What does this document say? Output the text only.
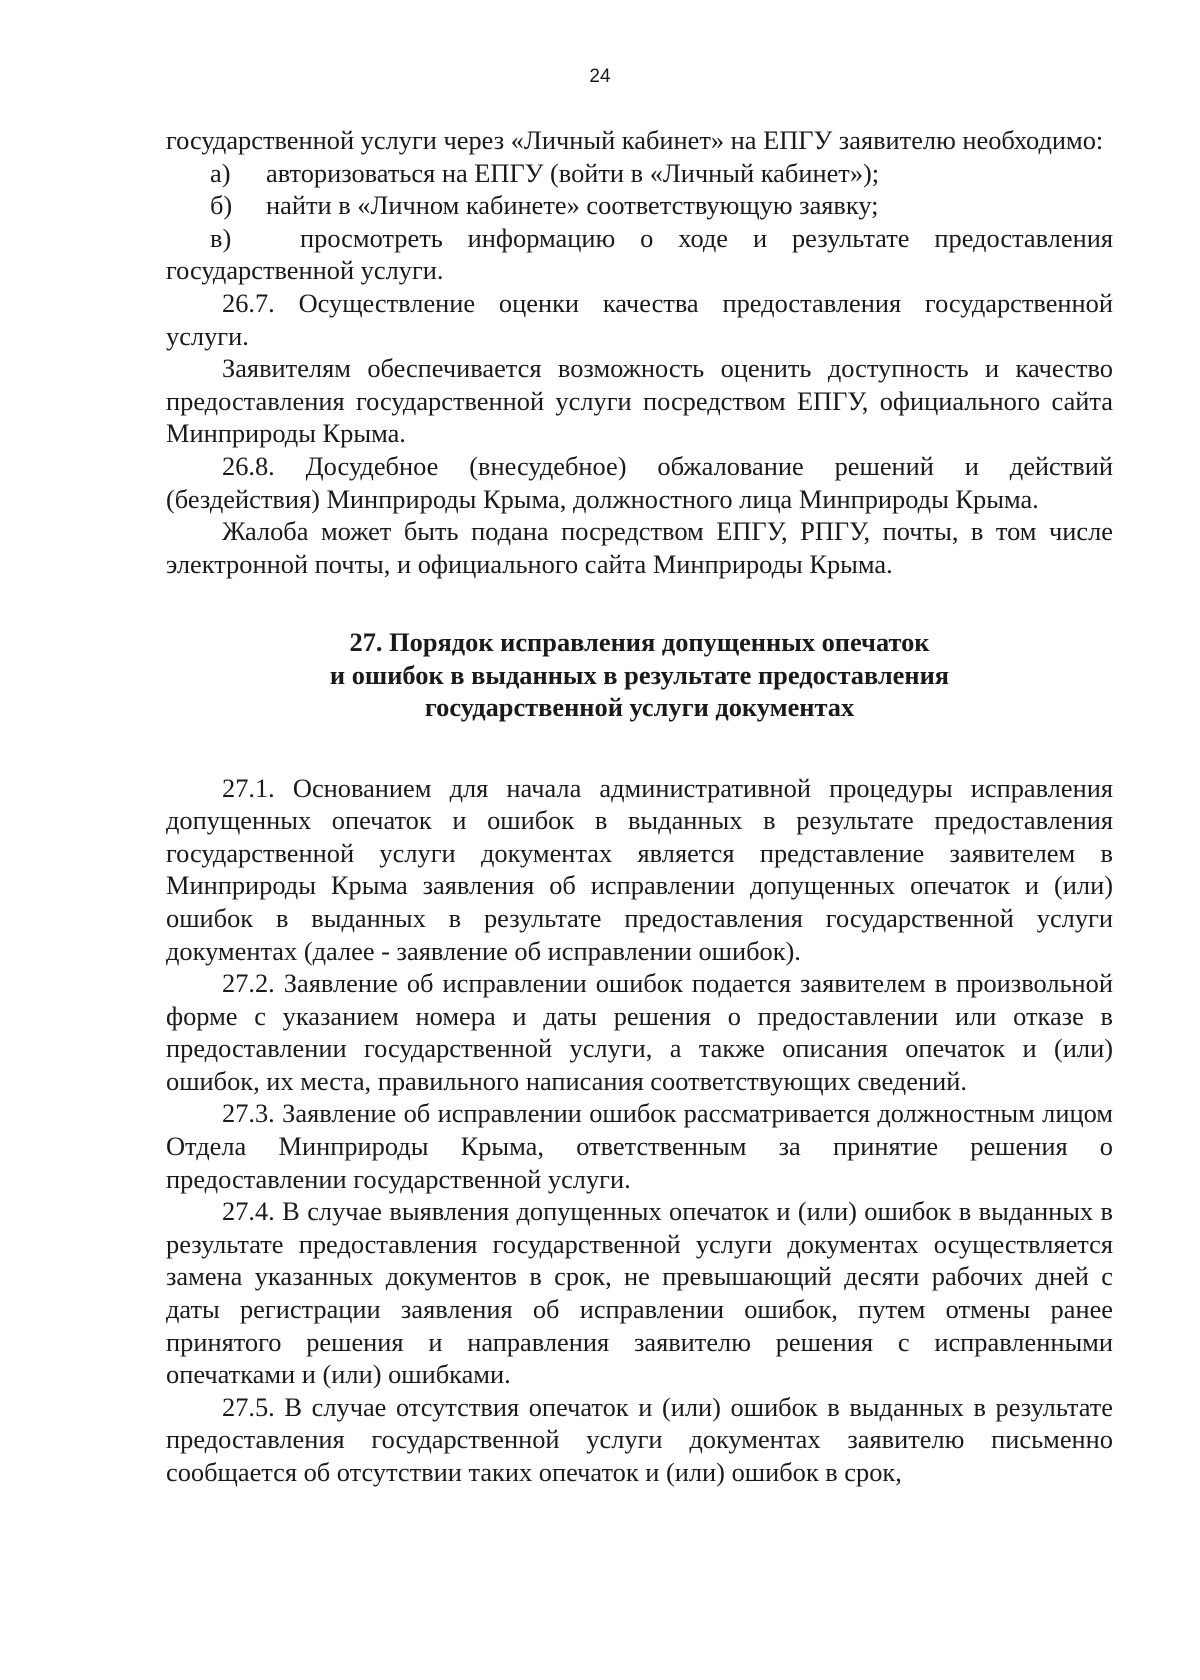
24

государственной услуги через «Личный кабинет» на ЕПГУ заявителю необходимо:

а) авторизоваться на ЕПГУ (войти в «Личный кабинет»);

б) найти в «Личном кабинете» соответствующую заявку;

в)	просмотреть информацию о ходе и результате предоставления государственной услуги.

26.7. Осуществление оценки качества предоставления государственной услуги.

Заявителям обеспечивается возможность оценить доступность и качество предоставления государственной услуги посредством ЕПГУ, официального сайта Минприроды Крыма.

26.8. Досудебное (внесудебное) обжалование решений и действий (бездействия) Минприроды Крыма, должностного лица Минприроды Крыма.

Жалоба может быть подана посредством ЕПГУ, РПГУ, почты, в том числе электронной почты, и официального сайта Минприроды Крыма.

27. Порядок исправления допущенных опечаток
и ошибок в выданных в результате предоставления
государственной услуги документах

27.1. Основанием для начала административной процедуры исправления допущенных опечаток и ошибок в выданных в результате предоставления государственной услуги документах является представление заявителем в Минприроды Крыма заявления об исправлении допущенных опечаток и (или) ошибок в выданных в результате предоставления государственной услуги документах (далее - заявление об исправлении ошибок).

27.2. Заявление об исправлении ошибок подается заявителем в произвольной форме с указанием номера и даты решения о предоставлении или отказе в предоставлении государственной услуги, а также описания опечаток и (или) ошибок, их места, правильного написания соответствующих сведений.

27.3. Заявление об исправлении ошибок рассматривается должностным лицом Отдела Минприроды Крыма, ответственным за принятие решения о предоставлении государственной услуги.

27.4. В случае выявления допущенных опечаток и (или) ошибок в выданных в результате предоставления государственной услуги документах осуществляется замена указанных документов в срок, не превышающий десяти рабочих дней с даты регистрации заявления об исправлении ошибок, путем отмены ранее принятого решения и направления заявителю решения с исправленными опечатками и (или) ошибками.

27.5. В случае отсутствия опечаток и (или) ошибок в выданных в результате предоставления государственной услуги документах заявителю письменно сообщается об отсутствии таких опечаток и (или) ошибок в срок,
